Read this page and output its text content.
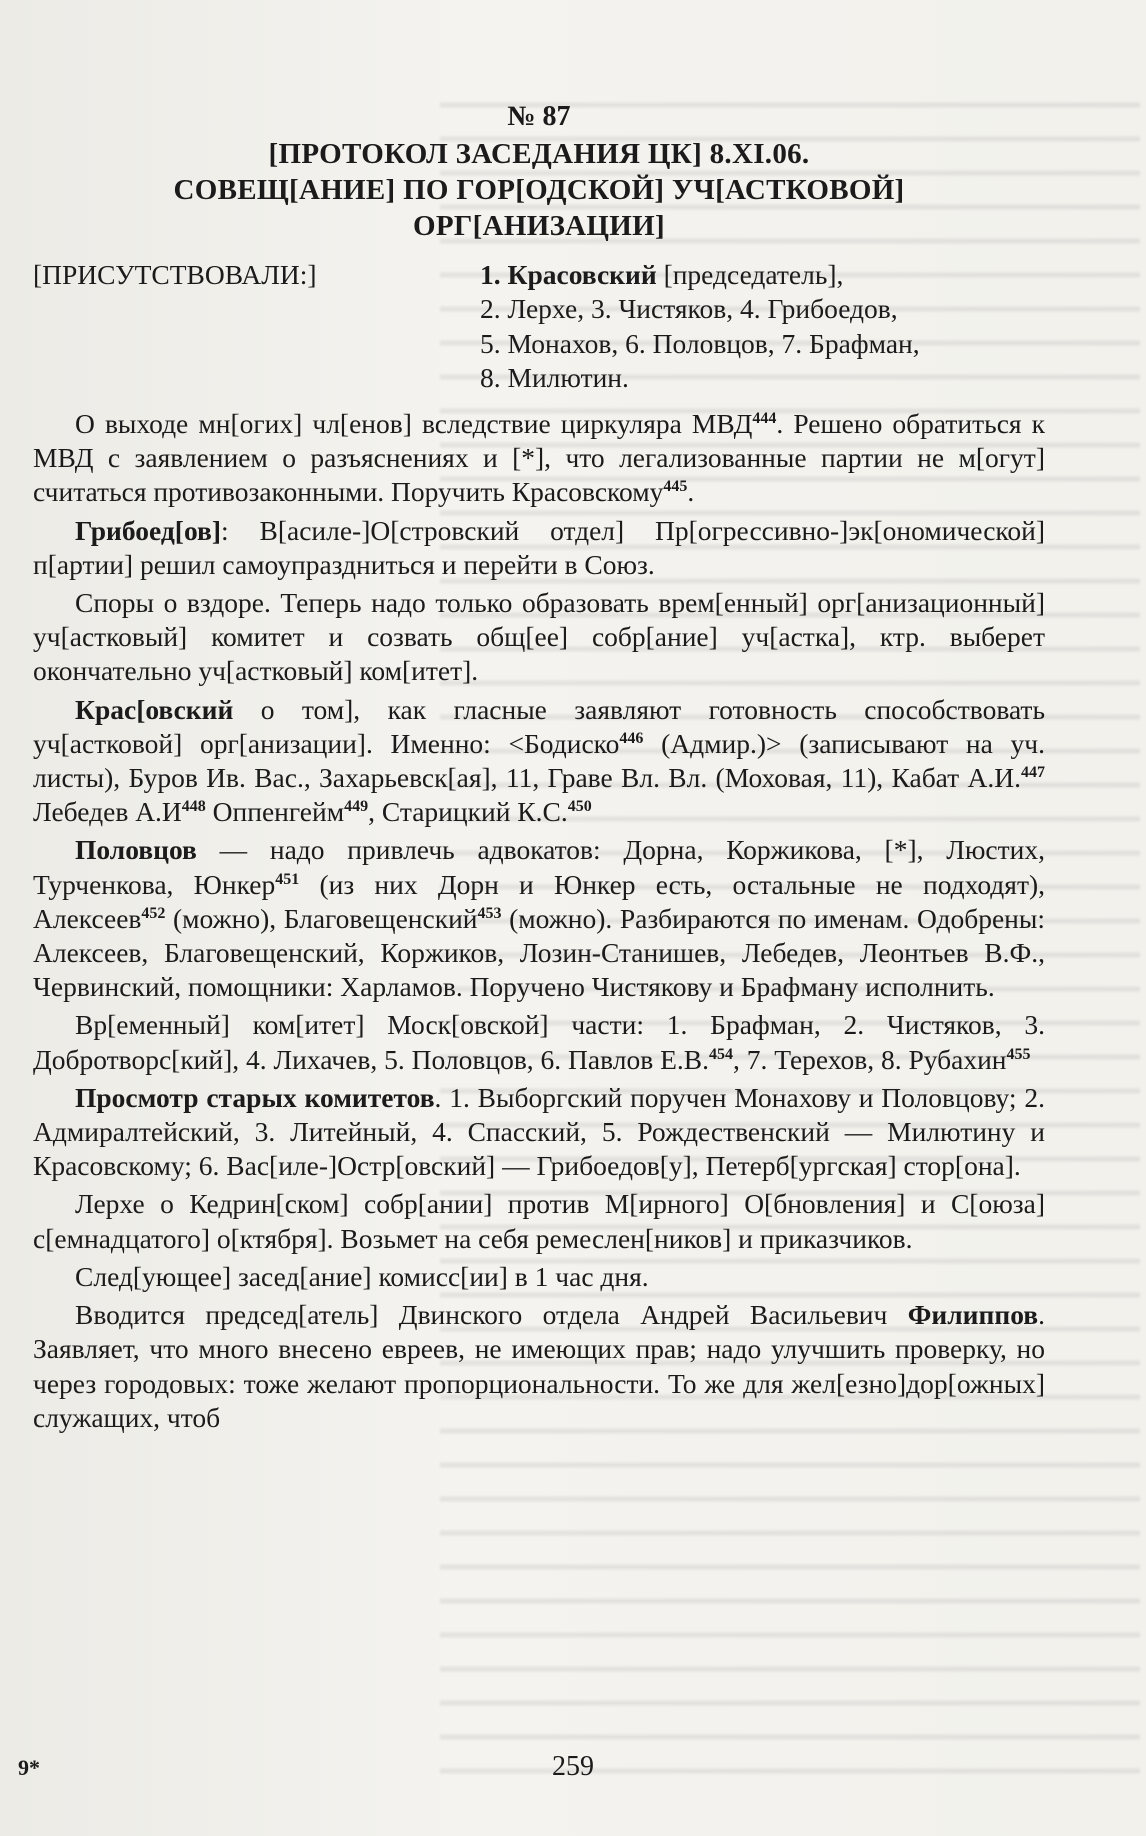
№ 87
[ПРОТОКОЛ ЗАСЕДАНИЯ ЦК] 8.XI.06.
СОВЕЩ[АНИЕ] ПО ГОР[ОДСКОЙ] УЧ[АСТКОВОЙ]
ОРГ[АНИЗАЦИИ]
[ПРИСУТСТВОВАЛИ:]	1. Красовский [председатель],
2. Лерхе, 3. Чистяков, 4. Грибоедов,
5. Монахов, 6. Половцов, 7. Брафман,
8. Милютин.

О выходе мн[огих] чл[енов] вследствие циркуляра МВД$^{444}$. Решено обратиться к МВД с заявлением о разъяснениях и [*], что легализованные партии не м[огут] считаться противозаконными. Поручить Красовскому$^{445}$.

Грибоед[ов]: В[асиле-]О[стровский отдел] Пр[огрессивно-]эк[ономической] п[артии] решил самоупраздниться и перейти в Союз.

Споры о вздоре. Теперь надо только образовать врем[енный] орг[анизационный] уч[астковый] комитет и созвать общ[ее] собр[ание] уч[астка], ктр. выберет окончательно уч[астковый] ком[итет].

Крас[овский о том], как гласные заявляют готовность способствовать уч[астковой] орг[анизации]. Именно: <Бодиско$^{446}$ (Адмир.)> (записывают на уч. листы), Буров Ив. Вас., Захарьевск[ая], 11, Граве Вл. Вл. (Моховая, 11), Кабат А.И.$^{447}$ Лебедев $А.И^{448}$ Оппенгейм$^{449}$, Старицкий К.С.$^{450}$

Половцов — надо привлечь адвокатов: Дорна, Коржикова, [*], Люстих, Турченкова, Юнкер$^{451}$ (из них Дорн и Юнкер есть, остальные не подходят), Алексеев$^{452}$ (можно), Благовещенский$^{453}$ (можно). Разбираются по именам. Одобрены: Алексеев, Благовещенский, Коржиков, Лозин-Станишев, Лебедев, Леонтьев В.Ф., Червинский, помощники: Харламов. Поручено Чистякову и Брафману исполнить.

Вр[еменный] ком[итет] Моск[овской] части: 1. Брафман, 2. Чистяков, 3. Добротворс[кий], 4. Лихачев, 5. Половцов, 6. Павлов Е.В.$^{454}$, 7. Терехов, 8. Рубахин$^{455}$

Просмотр старых комитетов. 1. Выборгский поручен Монахову и Половцову; 2. Адмиралтейский, 3. Литейный, 4. Спасский, 5. Рождественский — Милютину и Красовскому; 6. Вас[иле-]Остр[овский] — Грибоедов[у], Петерб[ургская] стор[она].

Лерхе о Кедрин[ском] собр[ании] против М[ирного] О[бновления] и С[оюза] с[емнадцатого] о[ктября]. Возьмет на себя ремеслен[ников] и приказчиков.

След[ующее] засед[ание] комисс[ии] в 1 час дня.

Вводится председ[атель] Двинского отдела Андрей Васильевич Филиппов. Заявляет, что много внесено евреев, не имеющих прав; надо улучшить проверку, но через городовых: тоже желают пропорциональности. То же для жел[езно]дор[ожных] служащих, чтоб

9*	259
